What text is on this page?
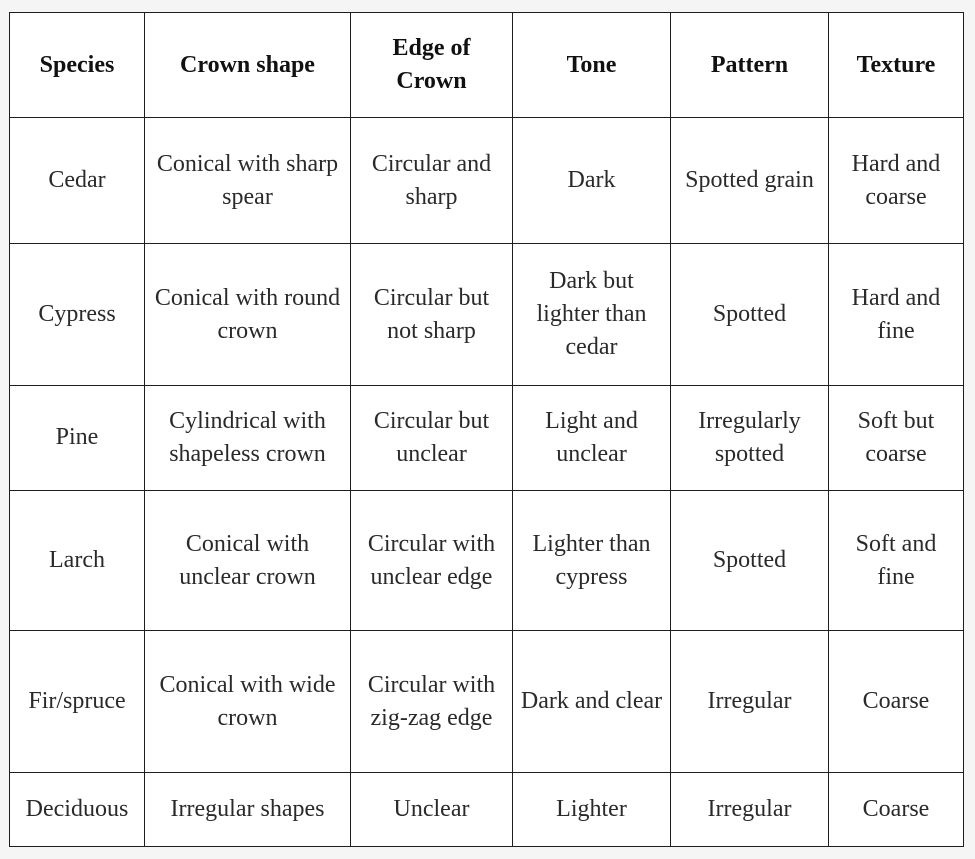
Species	Crown shape	Edge of Crown	Tone	Pattern	Texture
Cedar	Conical with sharp spear	Circular and sharp	Dark	Spotted grain	Hard and coarse
Cypress	Conical with round crown	Circular but not sharp	Dark but lighter than cedar	Spotted	Hard and fine
Pine	Cylindrical with shapeless crown	Circular but unclear	Light and unclear	Irregularly spotted	Soft but coarse
Larch	Conical with unclear crown	Circular with unclear edge	Lighter than cypress	Spotted	Soft and fine
Fir/spruce	Conical with wide crown	Circular with zig-zag edge	Dark and clear	Irregular	Coarse
Deciduous	Irregular shapes	Unclear	Lighter	Irregular	Coarse
